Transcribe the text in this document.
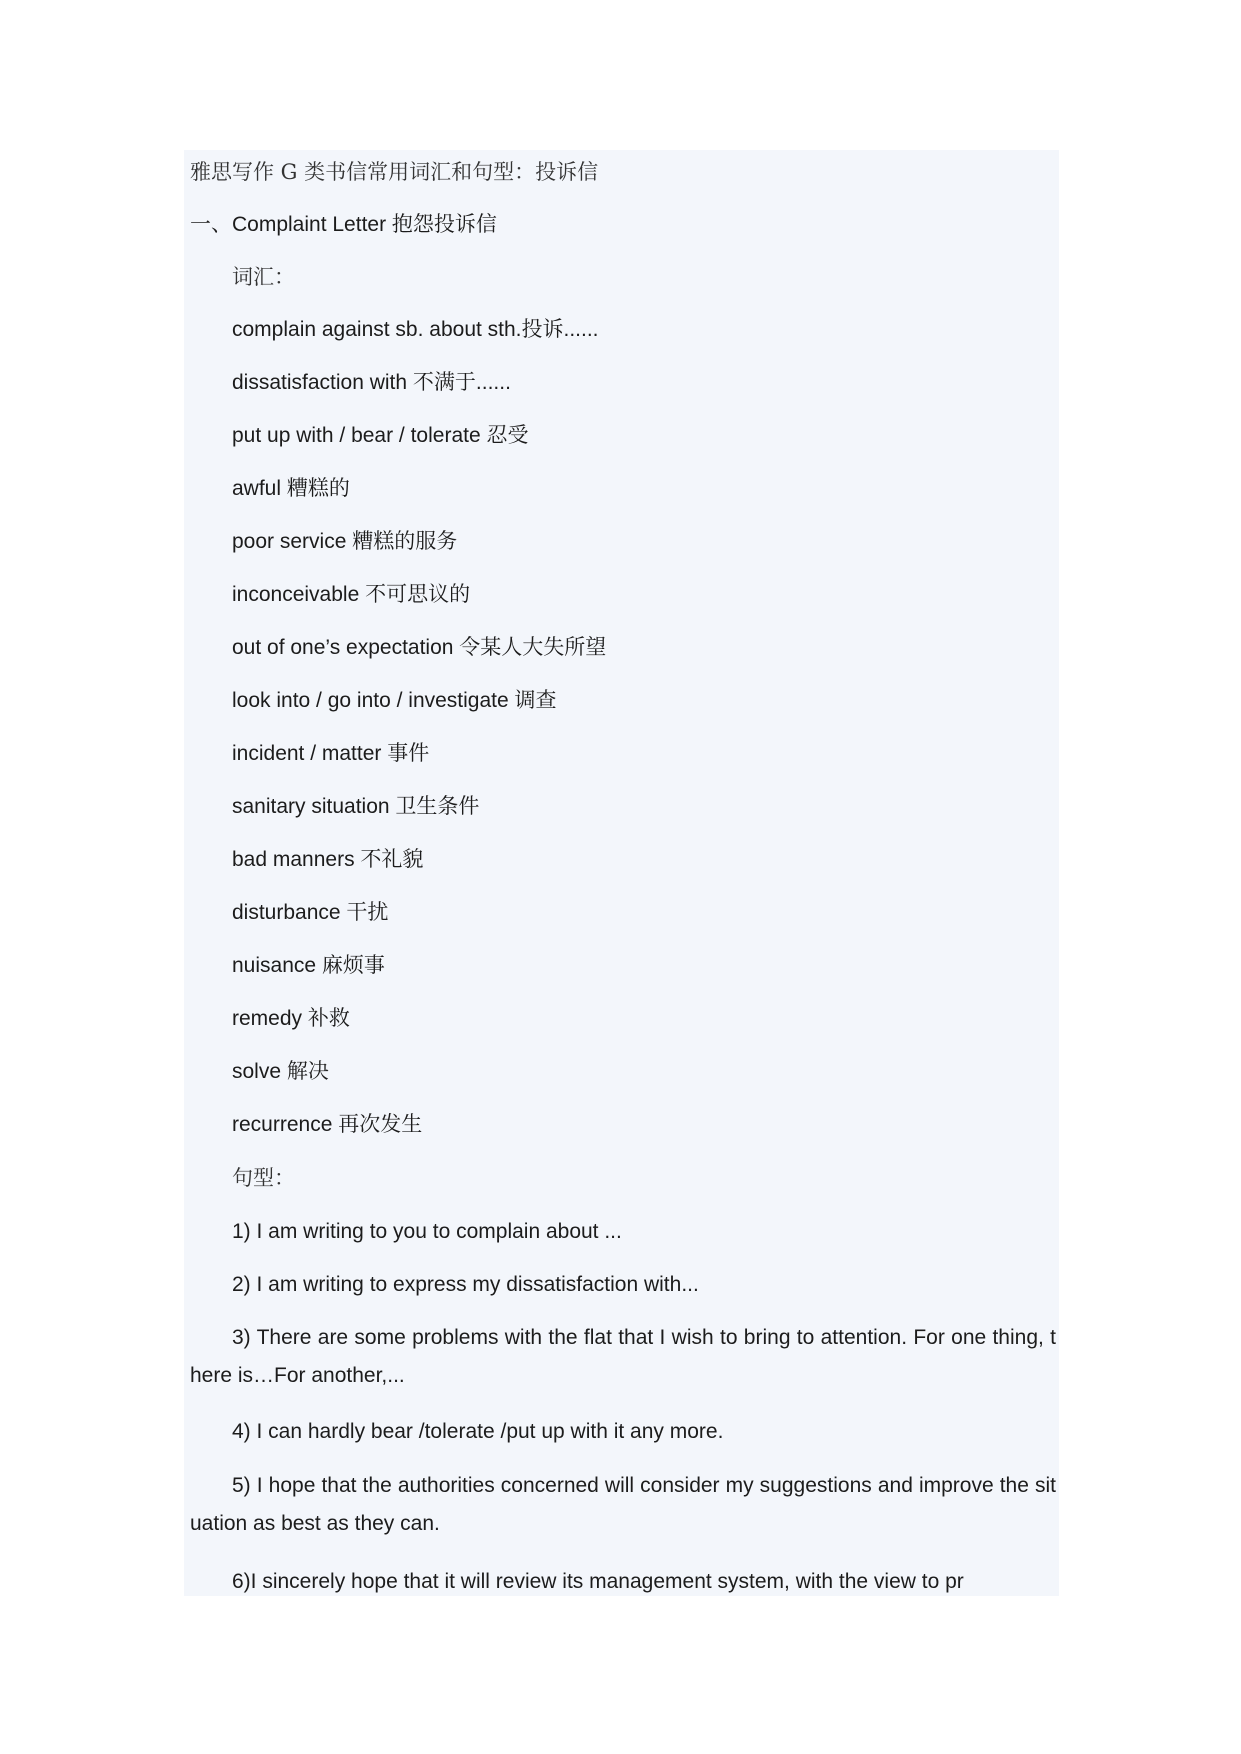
雅思写作 G 类书信常用词汇和句型：投诉信
一、Complaint Letter 抱怨投诉信
词汇：
complain against sb. about sth.投诉......
dissatisfaction with 不满于......
put up with / bear / tolerate 忍受
awful 糟糕的
poor service 糟糕的服务
inconceivable 不可思议的
out of one’s expectation 令某人大失所望
look into / go into / investigate 调查
incident / matter 事件
sanitary situation 卫生条件
bad manners 不礼貌
disturbance 干扰
nuisance 麻烦事
remedy 补救
solve 解决
recurrence 再次发生
句型：
1) I am writing to you to complain about ...
2) I am writing to express my dissatisfaction with...
3) There are some problems with the flat that I wish to bring to attention. For one thing, there is…For another,...
4) I can hardly bear /tolerate /put up with it any more.
5) I hope that the authorities concerned will consider my suggestions and improve the situation as best as they can.
6)I sincerely hope that it will review its management system, with the view to pr
